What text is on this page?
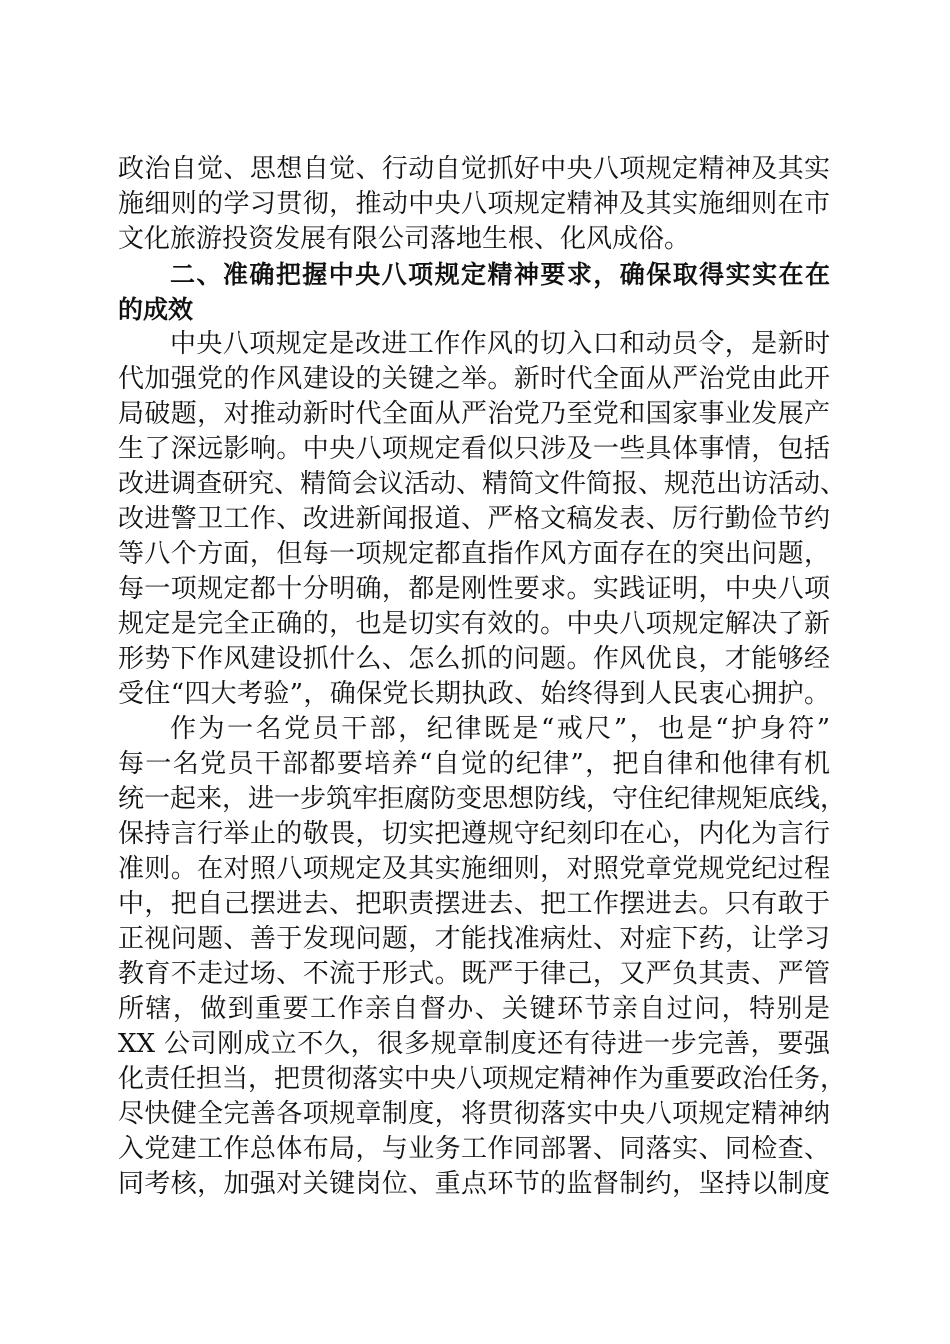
政治自觉、思想自觉、行动自觉抓好中央八项规定精神及其实
施细则的学习贯彻，推动中央八项规定精神及其实施细则在市
文化旅游投资发展有限公司落地生根、化风成俗。
二、准确把握中央八项规定精神要求，确保取得实实在在
的成效
中央八项规定是改进工作作风的切入口和动员令，是新时
代加强党的作风建设的关键之举。新时代全面从严治党由此开
局破题，对推动新时代全面从严治党乃至党和国家事业发展产
生了深远影响。中央八项规定看似只涉及一些具体事情，包括
改进调查研究、精简会议活动、精简文件简报、规范出访活动、
改进警卫工作、改进新闻报道、严格文稿发表、厉行勤俭节约
等八个方面，但每一项规定都直指作风方面存在的突出问题，
每一项规定都十分明确，都是刚性要求。实践证明，中央八项
规定是完全正确的，也是切实有效的。中央八项规定解决了新
形势下作风建设抓什么、怎么抓的问题。作风优良，才能够经
受住“四大考验”，确保党长期执政、始终得到人民衷心拥护。
作为一名党员干部，纪律既是“戒尺”，也是“护身符”
每一名党员干部都要培养“自觉的纪律”，把自律和他律有机
统一起来，进一步筑牢拒腐防变思想防线，守住纪律规矩底线，
保持言行举止的敬畏，切实把遵规守纪刻印在心，内化为言行
准则。在对照八项规定及其实施细则，对照党章党规党纪过程
中，把自己摆进去、把职责摆进去、把工作摆进去。只有敢于
正视问题、善于发现问题，才能找准病灶、对症下药，让学习
教育不走过场、不流于形式。既严于律己，又严负其责、严管
所辖，做到重要工作亲自督办、关键环节亲自过问，特别是
XX 公司刚成立不久，很多规章制度还有待进一步完善，要强
化责任担当，把贯彻落实中央八项规定精神作为重要政治任务，
尽快健全完善各项规章制度，将贯彻落实中央八项规定精神纳
入党建工作总体布局，与业务工作同部署、同落实、同检查、
同考核，加强对关键岗位、重点环节的监督制约，坚持以制度
